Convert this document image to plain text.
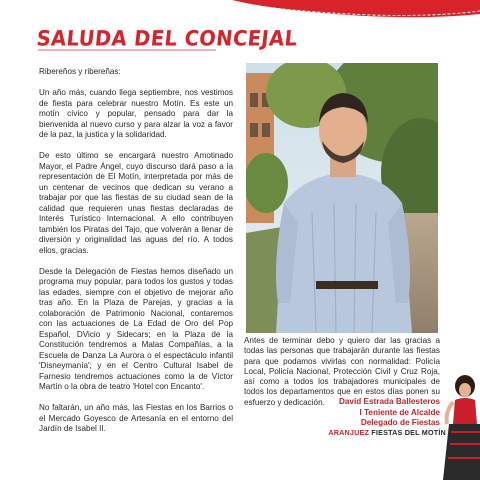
SALUDA DEL CONCEJAL

Ribereños y ribereñas:

Un año más, cuando llega septiembre, nos vestimos de fiesta para celebrar nuestro Motín. Es este un motín cívico y popular, pensado para dar la bienvenida al nuevo curso y para alzar la voz a favor de la paz, la justica y la solidaridad.

De esto último se encargará nuestro Amotinado Mayor, el Padre Ángel, cuyo discurso dará paso a la representación de El Motín, interpretada por más de un centenar de vecinos que dedican su verano a trabajar por que las fiestas de su ciudad sean de la calidad que requieren unas fiestas declaradas de Interés Turístico Internacional. A ello contribuyen también los Piratas del Tajo, que volverán a llenar de diversión y originalidad las aguas del río. A todos ellos, gracias.

Desde la Delegación de Fiestas hemos diseñado un programa muy popular, para todos los gustos y todas las edades, siempre con el objetivo de mejorar año tras año. En la Plaza de Parejas, y gracias a la colaboración de Patrimonio Nacional, contaremos con las actuaciones de La Edad de Oro del Pop Español, DVicio y Sidecars; en la Plaza de la Constitución tendremos a Malas Compañías, a la Escuela de Danza La Aurora o el espectáculo infantil 'Disneymanía'; y en el Centro Cultural Isabel de Farnesio tendremos actuaciones como la de Víctor Martín o la obra de teatro 'Hotel con Encanto'.

No faltarán, un año más, las Fiestas en los Barrios o el Mercado Goyesco de Artesanía en el entorno del Jardín de Isabel II.

Antes de terminar debo y quiero dar las gracias a todas las personas que trabajarán durante las fiestas para que podamos vivirlas con normalidad: Policía Local, Policía Nacional, Protección Civil y Cruz Roja, así como a todos los trabajadores municipales de todos los departamentos que en estos días ponen su esfuerzo y dedicación.	David Estrada Ballesteros
I Teniente de Alcalde
Delegado de Fiestas
ARANJUEZ FIESTAS DEL MOTÍN
